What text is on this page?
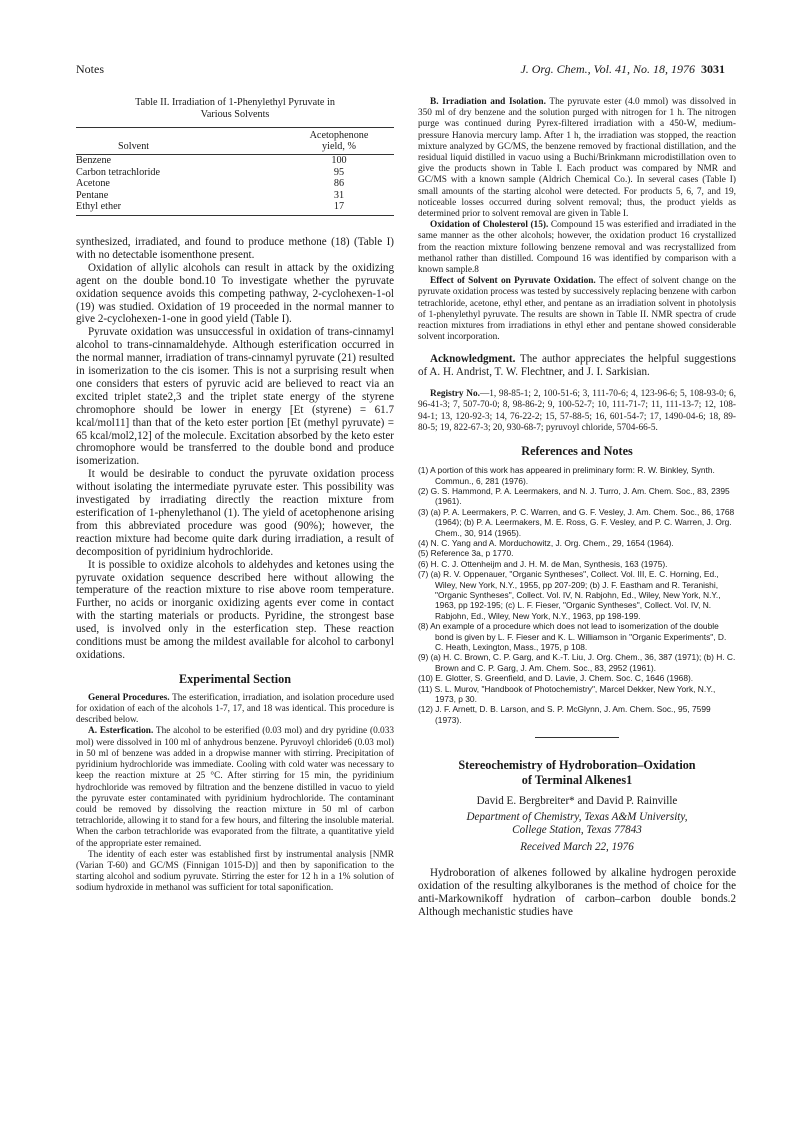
Notes	J. Org. Chem., Vol. 41, No. 18, 1976 3031
Table II. Irradiation of 1-Phenylethyl Pyruvate in
Various Solvents
Solvent	Acetophenone
yield, %

Benzene	100
Carbon tetrachloride	95
Acetone	86
Pentane	31
Ethyl ether	17

synthesized, irradiated, and found to produce methone (18) (Table I) with no detectable isomenthone present.

Oxidation of allylic alcohols can result in attack by the oxidizing agent on the double bond.10 To investigate whether the pyruvate oxidation sequence avoids this competing pathway, 2-cyclohexen-1-ol (19) was studied. Oxidation of 19 proceeded in the normal manner to give 2-cyclohexen-1-one in good yield (Table I).

Pyruvate oxidation was unsuccessful in oxidation of trans-cinnamyl alcohol to trans-cinnamaldehyde. Although esterification occurred in the normal manner, irradiation of trans-cinnamyl pyruvate (21) resulted in isomerization to the cis isomer. This is not a surprising result when one considers that esters of pyruvic acid are believed to react via an excited triplet state2,3 and the triplet state energy of the styrene chromophore should be lower in energy [Et (styrene) = 61.7 kcal/mol11] than that of the keto ester portion [Et (methyl pyruvate) = 65 kcal/mol2,12] of the molecule. Excitation absorbed by the keto ester chromophore would be transferred to the double bond and produce isomerization.

It would be desirable to conduct the pyruvate oxidation process without isolating the intermediate pyruvate ester. This possibility was investigated by irradiating directly the reaction mixture from esterification of 1-phenylethanol (1). The yield of acetophenone arising from this abbreviated procedure was good (90%); however, the reaction mixture had become quite dark during irradiation, a result of decomposition of pyridinium hydrochloride.

It is possible to oxidize alcohols to aldehydes and ketones using the pyruvate oxidation sequence described here without allowing the temperature of the reaction mixture to rise above room temperature. Further, no acids or inorganic oxidizing agents ever come in contact with the starting materials or products. Pyridine, the strongest base used, is involved only in the esterfication step. These reaction conditions must be among the mildest available for alcohol to carbonyl oxidations.

Experimental Section

General Procedures. The esterification, irradiation, and isolation procedure used for oxidation of each of the alcohols 1-7, 17, and 18 was identical. This procedure is described below.

A. Esterfication. The alcohol to be esterified (0.03 mol) and dry pyridine (0.033 mol) were dissolved in 100 ml of anhydrous benzene. Pyruvoyl chloride6 (0.03 mol) in 50 ml of benzene was added in a dropwise manner with stirring. Precipitation of pyridinium hydrochloride was immediate. Cooling with cold water was necessary to keep the reaction mixture at 25 °C. After stirring for 15 min, the pyridinium hydrochloride was removed by filtration and the benzene distilled in vacuo to yield the pyruvate ester contaminated with pyridinium hydrochloride. The contaminant could be removed by dissolving the reaction mixture in 50 ml of carbon tetrachloride, allowing it to stand for a few hours, and filtering the insoluble material. When the carbon tetrachloride was evaporated from the filtrate, a quantitative yield of the appropriate ester remained.

The identity of each ester was established first by instrumental analysis [NMR (Varian T-60) and GC/MS (Finnigan 1015-D)] and then by saponification to the starting alcohol and sodium pyruvate. Stirring the ester for 12 h in a 1% solution of sodium hydroxide in methanol was sufficient for total saponification.

B. Irradiation and Isolation. The pyruvate ester (4.0 mmol) was dissolved in 350 ml of dry benzene and the solution purged with nitrogen for 1 h. The nitrogen purge was continued during Pyrex-filtered irradiation with a 450-W, medium-pressure Hanovia mercury lamp. After 1 h, the irradiation was stopped, the reaction mixture analyzed by GC/MS, the benzene removed by fractional distillation, and the residual liquid distilled in vacuo using a Buchi/Brinkmann microdistillation oven to give the products shown in Table I. Each product was compared by NMR and GC/MS with a known sample (Aldrich Chemical Co.). In several cases (Table I) small amounts of the starting alcohol were detected. For products 5, 6, 7, and 19, noticeable losses occurred during solvent removal; thus, the product yields as determined prior to solvent removal are given in Table I.

Oxidation of Cholesterol (15). Compound 15 was esterified and irradiated in the same manner as the other alcohols; however, the oxidation product 16 crystallized from the reaction mixture following benzene removal and was recrystallized from methanol rather than distilled. Compound 16 was identified by comparison with a known sample.8

Effect of Solvent on Pyruvate Oxidation. The effect of solvent change on the pyruvate oxidation process was tested by successively replacing benzene with carbon tetrachloride, acetone, ethyl ether, and pentane as an irradiation solvent in photolysis of 1-phenylethyl pyruvate. The results are shown in Table II. NMR spectra of crude reaction mixtures from irradiations in ethyl ether and pentane showed considerable solvent incorporation.

Acknowledgment. The author appreciates the helpful suggestions of A. H. Andrist, T. W. Flechtner, and J. I. Sarkisian.

Registry No.—1, 98-85-1; 2, 100-51-6; 3, 111-70-6; 4, 123-96-6; 5, 108-93-0; 6, 96-41-3; 7, 507-70-0; 8, 98-86-2; 9, 100-52-7; 10, 111-71-7; 11, 111-13-7; 12, 108-94-1; 13, 120-92-3; 14, 76-22-2; 15, 57-88-5; 16, 601-54-7; 17, 1490-04-6; 18, 89-80-5; 19, 822-67-3; 20, 930-68-7; pyruvoyl chloride, 5704-66-5.

References and Notes
(1) A portion of this work has appeared in preliminary form: R. W. Binkley, Synth. Commun., 6, 281 (1976).
(2) G. S. Hammond, P. A. Leermakers, and N. J. Turro, J. Am. Chem. Soc., 83, 2395 (1961).
(3) (a) P. A. Leermakers, P. C. Warren, and G. F. Vesley, J. Am. Chem. Soc., 86, 1768 (1964); (b) P. A. Leermakers, M. E. Ross, G. F. Vesley, and P. C. Warren, J. Org. Chem., 30, 914 (1965).
(4) N. C. Yang and A. Morduchowitz, J. Org. Chem., 29, 1654 (1964).
(5) Reference 3a, p 1770.
(6) H. C. J. Ottenheijm and J. H. M. de Man, Synthesis, 163 (1975).
(7) (a) R. V. Oppenauer, "Organic Syntheses", Collect. Vol. III, E. C. Horning, Ed., Wiley, New York, N.Y., 1955, pp 207-209; (b) J. F. Eastham and R. Teranishi, "Organic Syntheses", Collect. Vol. IV, N. Rabjohn, Ed., Wiley, New York, N.Y., 1963, pp 192-195; (c) L. F. Fieser, "Organic Syntheses", Collect. Vol. IV, N. Rabjohn, Ed., Wiley, New York, N.Y., 1963, pp 198-199.
(8) An example of a procedure which does not lead to isomerization of the double bond is given by L. F. Fieser and K. L. Williamson in "Organic Experiments", D. C. Heath, Lexington, Mass., 1975, p 108.
(9) (a) H. C. Brown, C. P. Garg, and K.-T. Liu, J. Org. Chem., 36, 387 (1971); (b) H. C. Brown and C. P. Garg, J. Am. Chem. Soc., 83, 2952 (1961).
(10) E. Glotter, S. Greenfield, and D. Lavie, J. Chem. Soc. C, 1646 (1968).
(11) S. L. Murov, "Handbook of Photochemistry", Marcel Dekker, New York, N.Y., 1973, p 30.
(12) J. F. Arnett, D. B. Larson, and S. P. McGlynn, J. Am. Chem. Soc., 95, 7599 (1973).
Stereochemistry of Hydroboration–Oxidation
of Terminal Alkenes1
David E. Bergbreiter* and David P. Rainville
Department of Chemistry, Texas A&M University,
College Station, Texas 77843
Received March 22, 1976

Hydroboration of alkenes followed by alkaline hydrogen peroxide oxidation of the resulting alkylboranes is the method of choice for the anti-Markownikoff hydration of carbon–carbon double bonds.2 Although mechanistic studies have
